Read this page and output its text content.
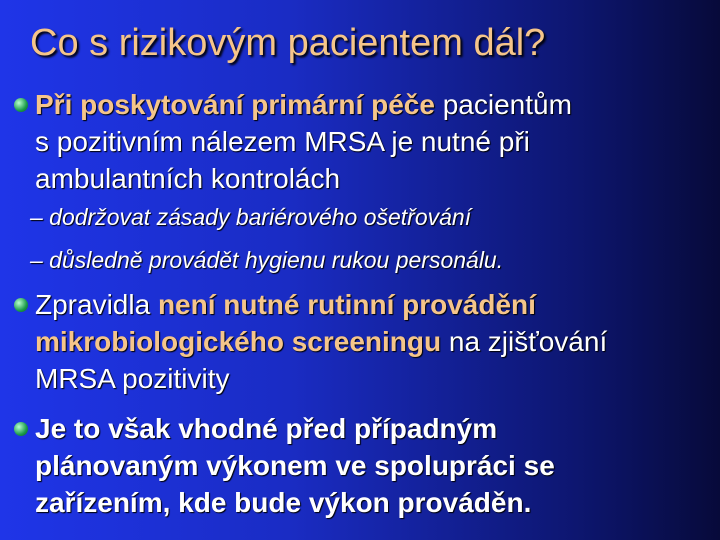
Co s rizikovým pacientem dál?
Při poskytování primární péče pacientům
s pozitivním nálezem MRSA je nutné při
ambulantních kontrolách
– dodržovat zásady bariérového ošetřování
– důsledně provádět hygienu rukou personálu.
Zpravidla není nutné rutinní provádění
mikrobiologického screeningu na zjišťování
MRSA pozitivity
Je to však vhodné před případným
plánovaným výkonem ve spolupráci se
zařízením, kde bude výkon prováděn.
